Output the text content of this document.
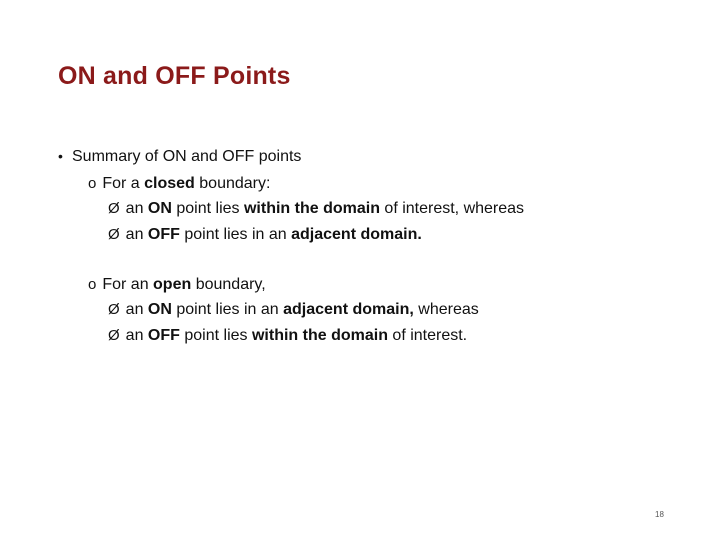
ON and OFF Points
• Summary of ON and OFF points
o For a closed boundary:
Ø an ON point lies within the domain of interest, whereas
Ø an OFF point lies in an adjacent domain.
o For an open boundary,
Ø an ON point lies in an adjacent domain, whereas
Ø an OFF point lies within the domain of interest.
18
